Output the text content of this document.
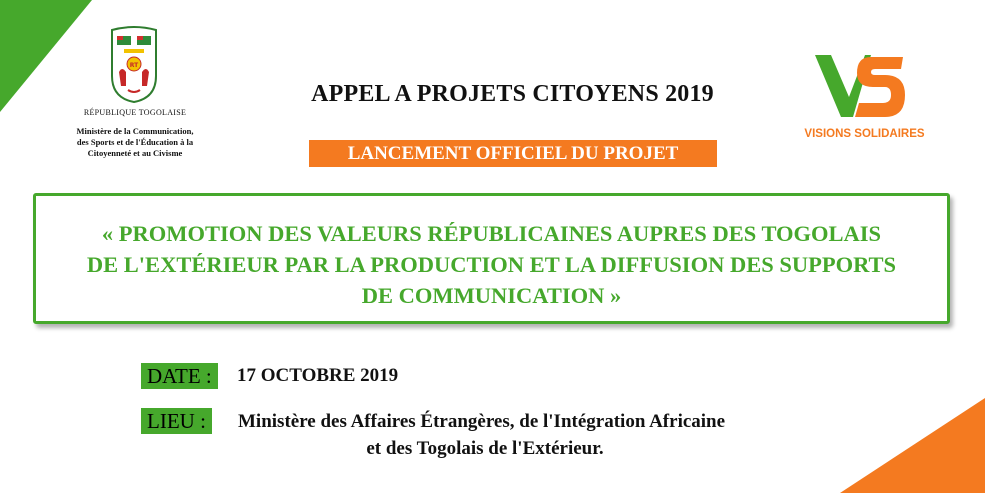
RT
RÉPUBLIQUE TOGOLAISE
Ministère de la Communication,
des Sports et de l'Éducation à la
Citoyenneté et au Civisme
VISIONS SOLIDAIRES
APPEL A PROJETS CITOYENS 2019
LANCEMENT OFFICIEL DU PROJET
« PROMOTION DES VALEURS RÉPUBLICAINES AUPRES DES TOGOLAIS
DE L'EXTÉRIEUR PAR LA PRODUCTION ET LA DIFFUSION DES SUPPORTS
DE COMMUNICATION »
DATE :	17 OCTOBRE 2019
LIEU :	Ministère des Affaires Étrangères, de l'Intégration Africaine
et des Togolais de l'Extérieur.
